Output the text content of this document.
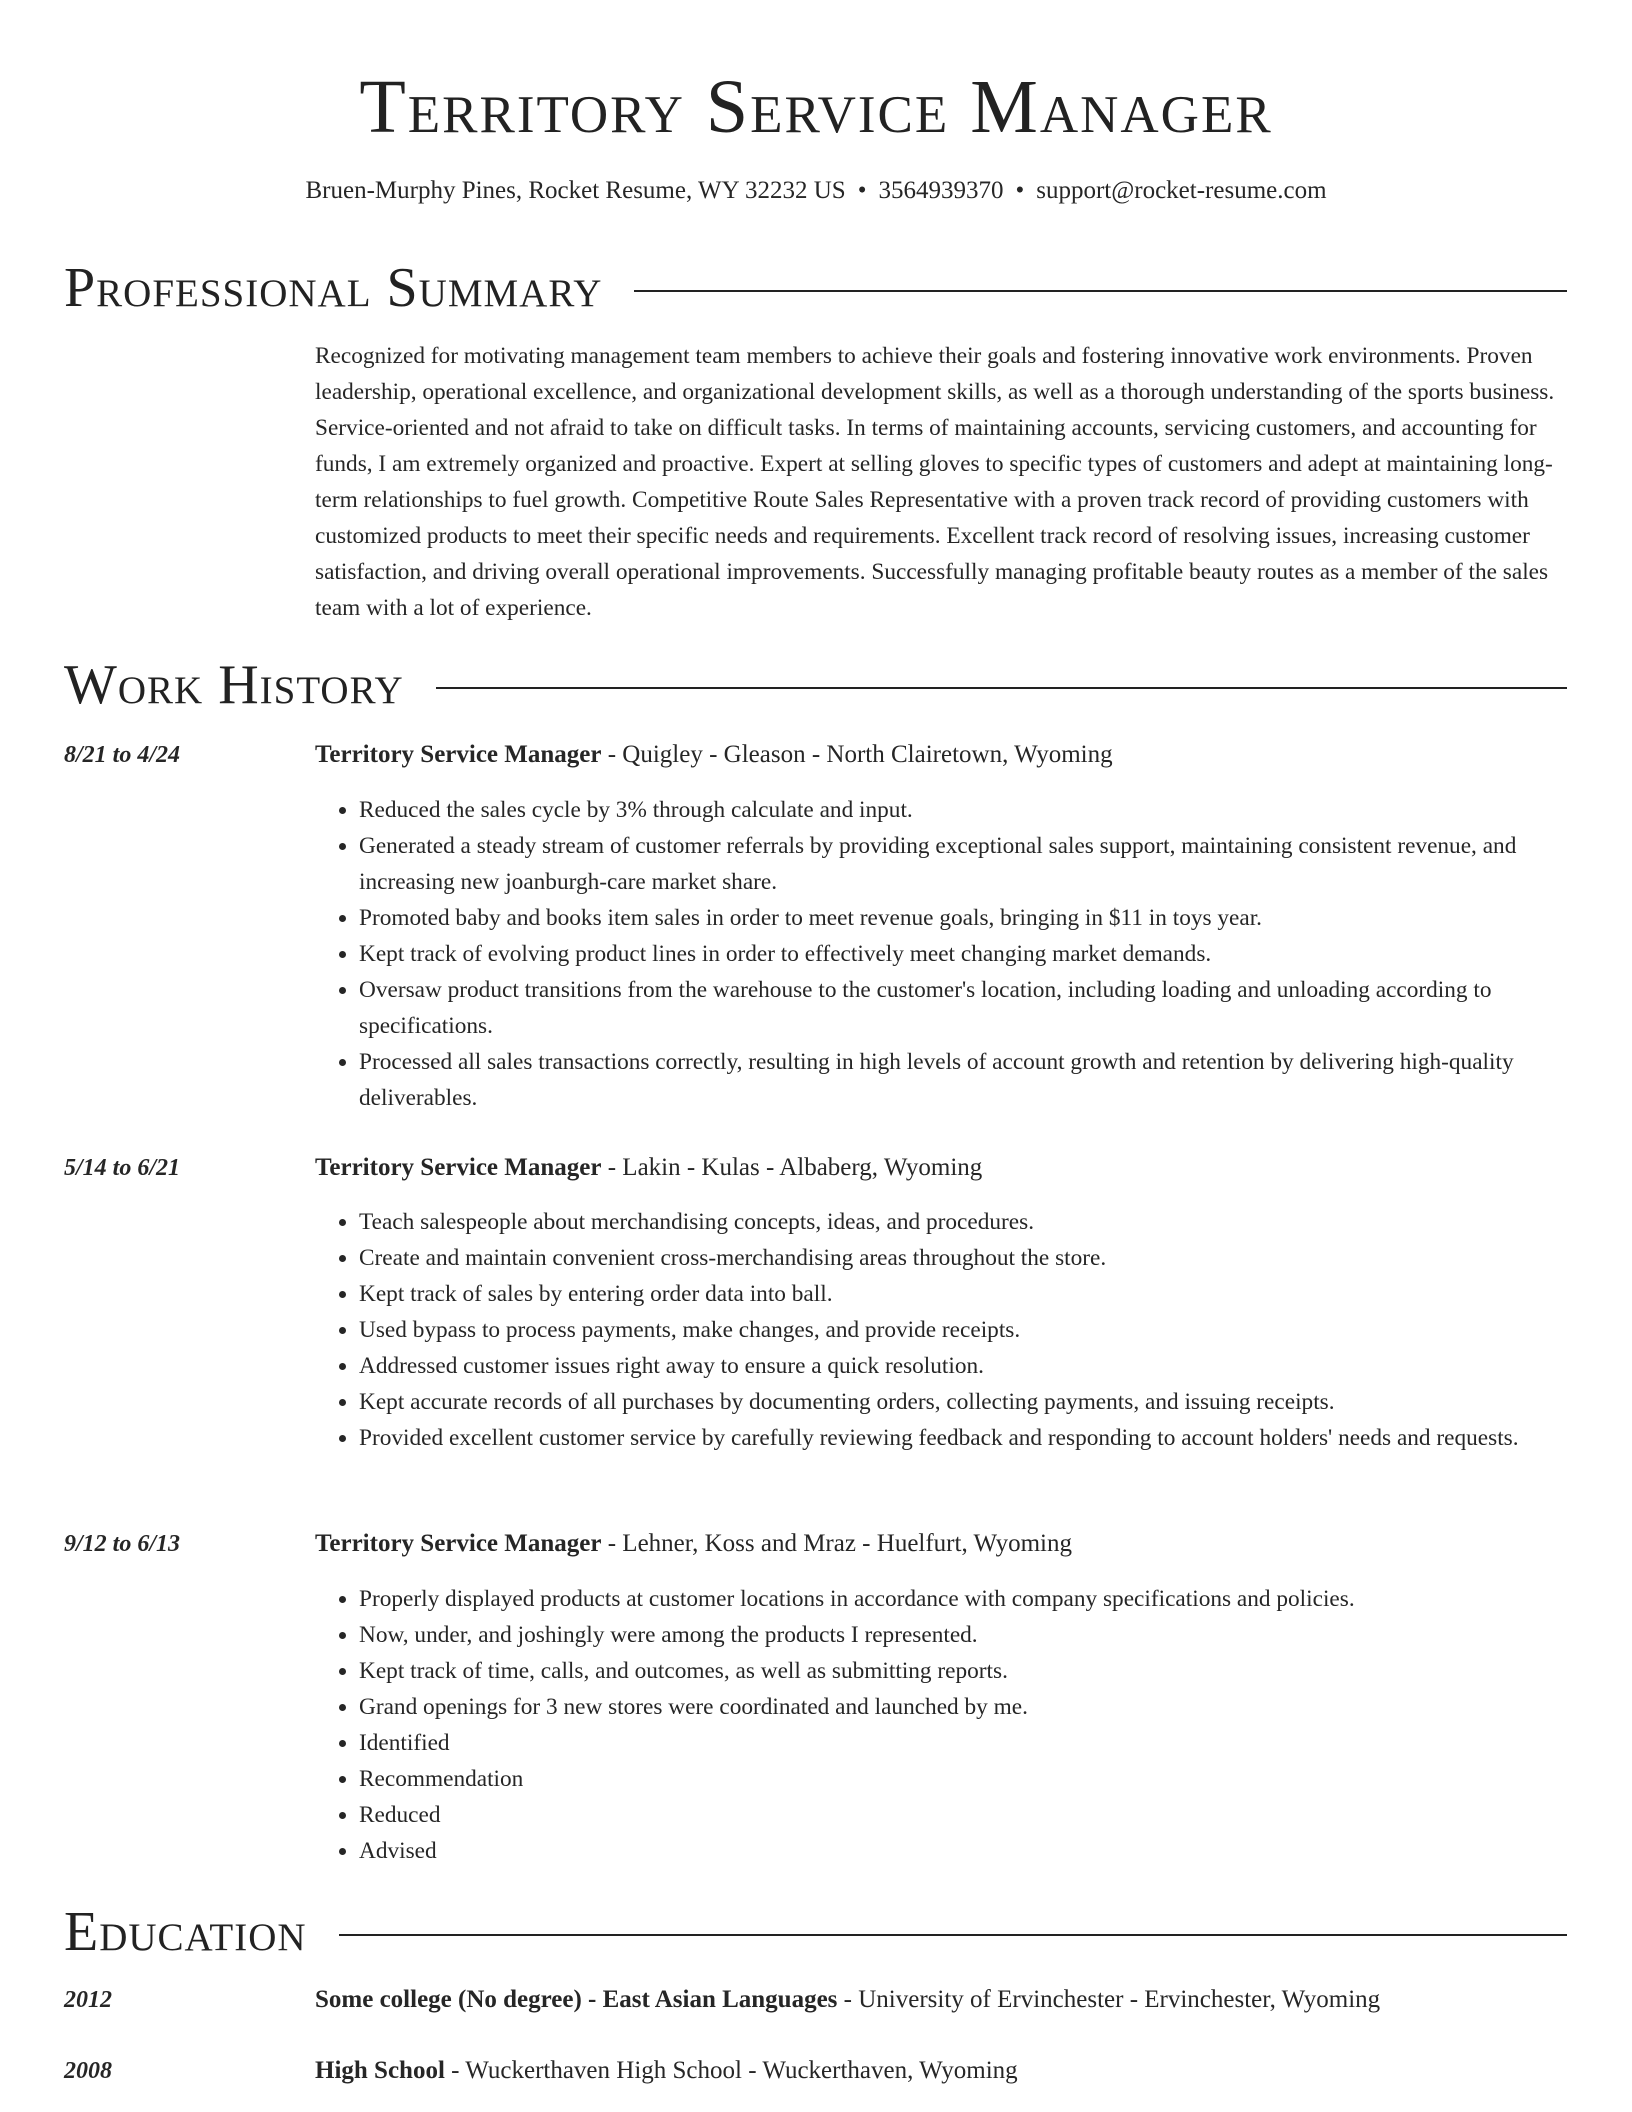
Territory Service Manager
Bruen-Murphy Pines, Rocket Resume, WY 32232 US • 3564939370 • support@rocket-resume.com
Professional Summary

Recognized for motivating management team members to achieve their goals and fostering innovative work environments. Proven leadership, operational excellence, and organizational development skills, as well as a thorough understanding of the sports business. Service-oriented and not afraid to take on difficult tasks. In terms of maintaining accounts, servicing customers, and accounting for funds, I am extremely organized and proactive. Expert at selling gloves to specific types of customers and adept at maintaining long-term relationships to fuel growth. Competitive Route Sales Representative with a proven track record of providing customers with customized products to meet their specific needs and requirements. Excellent track record of resolving issues, increasing customer satisfaction, and driving overall operational improvements. Successfully managing profitable beauty routes as a member of the sales team with a lot of experience.

Work History
8/21 to 4/24	Territory Service Manager - Quigley - Gleason - North Clairetown, Wyoming
• Reduced the sales cycle by 3% through calculate and input.
• Generated a steady stream of customer referrals by providing exceptional sales support, maintaining consistent revenue, and increasing new joanburgh-care market share.
• Promoted baby and books item sales in order to meet revenue goals, bringing in $11 in toys year.
• Kept track of evolving product lines in order to effectively meet changing market demands.
• Oversaw product transitions from the warehouse to the customer's location, including loading and unloading according to specifications.
• Processed all sales transactions correctly, resulting in high levels of account growth and retention by delivering high-quality deliverables.
5/14 to 6/21	Territory Service Manager - Lakin - Kulas - Albaberg, Wyoming
• Teach salespeople about merchandising concepts, ideas, and procedures.
• Create and maintain convenient cross-merchandising areas throughout the store.
• Kept track of sales by entering order data into ball.
• Used bypass to process payments, make changes, and provide receipts.
• Addressed customer issues right away to ensure a quick resolution.
• Kept accurate records of all purchases by documenting orders, collecting payments, and issuing receipts.
• Provided excellent customer service by carefully reviewing feedback and responding to account holders' needs and requests.
9/12 to 6/13	Territory Service Manager - Lehner, Koss and Mraz - Huelfurt, Wyoming
• Properly displayed products at customer locations in accordance with company specifications and policies.
• Now, under, and joshingly were among the products I represented.
• Kept track of time, calls, and outcomes, as well as submitting reports.
• Grand openings for 3 new stores were coordinated and launched by me.
• Identified
• Recommendation
• Reduced
• Advised
Education
2012	Some college (No degree) - East Asian Languages - University of Ervinchester - Ervinchester, Wyoming
2008	High School - Wuckerthaven High School - Wuckerthaven, Wyoming
